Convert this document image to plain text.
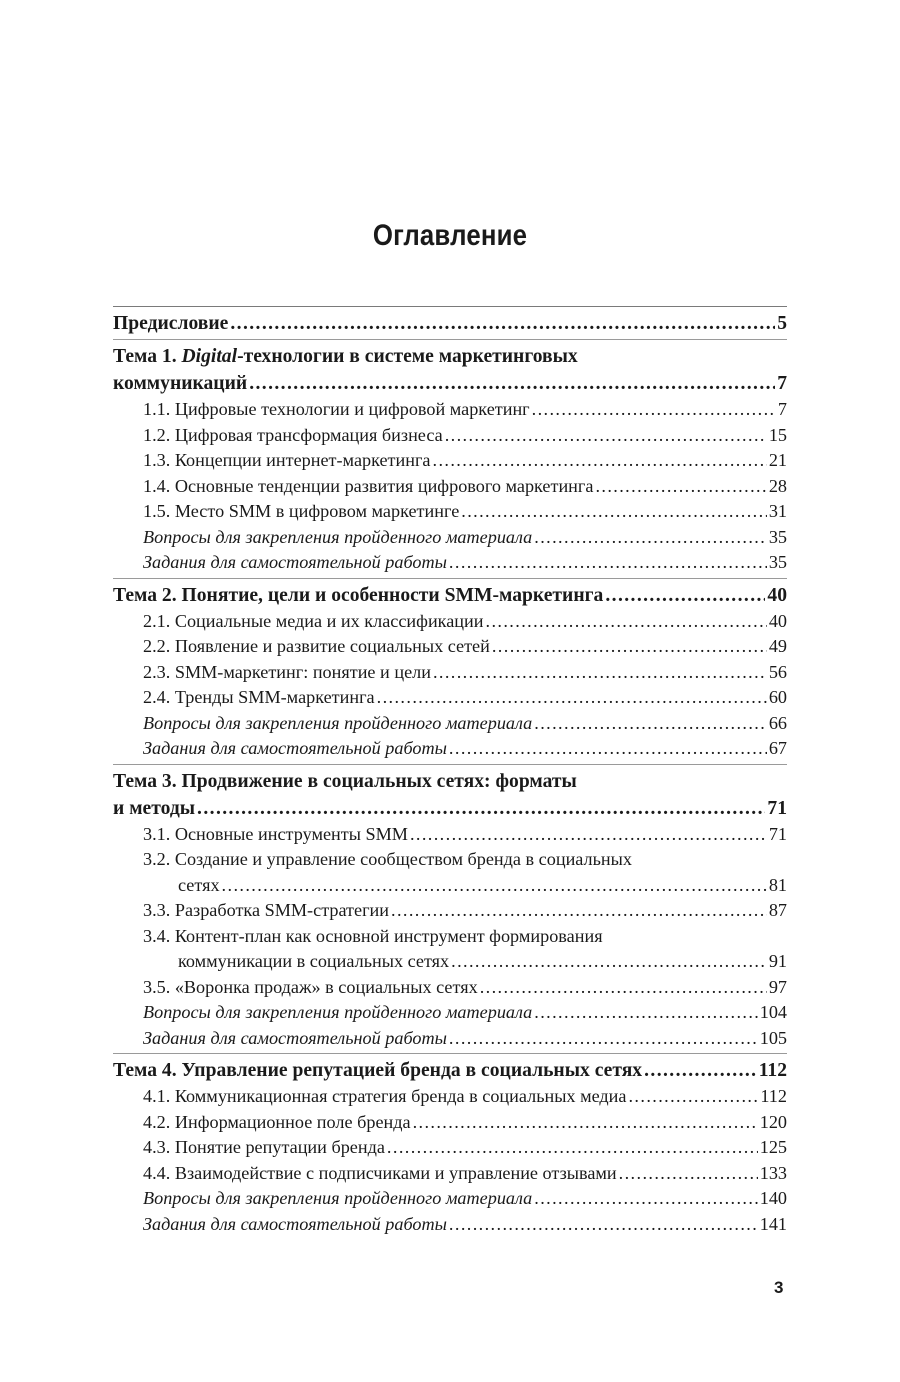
Оглавление
Предисловие .....	5
Тема 1. Digital-технологии в системе маркетинговых
коммуникаций .....	7
1.1. Цифровые технологии и цифровой маркетинг .....	7
1.2. Цифровая трансформация бизнеса .....	15
1.3. Концепции интернет-маркетинга .....	21
1.4. Основные тенденции развития цифрового маркетинга .....	28
1.5. Место SMM в цифровом маркетинге .....	31
Вопросы для закрепления пройденного материала .....	35
Задания для самостоятельной работы .....	35
Тема 2. Понятие, цели и особенности SMM-маркетинга .....	40
2.1. Социальные медиа и их классификации .....	40
2.2. Появление и развитие социальных сетей .....	49
2.3. SMM-маркетинг: понятие и цели .....	56
2.4. Тренды SMM-маркетинга .....	60
Вопросы для закрепления пройденного материала .....	66
Задания для самостоятельной работы .....	67
Тема 3. Продвижение в социальных сетях: форматы
и методы .....	71
3.1. Основные инструменты SMM .....	71
3.2. Создание и управление сообществом бренда в социальных
сетях .....	81
3.3. Разработка SMM-стратегии .....	87
3.4. Контент-план как основной инструмент формирования
коммуникации в социальных сетях .....	91
3.5. «Воронка продаж» в социальных сетях .....	97
Вопросы для закрепления пройденного материала .....	104
Задания для самостоятельной работы .....	105
Тема 4. Управление репутацией бренда в социальных сетях .....	112
4.1. Коммуникационная стратегия бренда в социальных медиа .....	112
4.2. Информационное поле бренда .....	120
4.3. Понятие репутации бренда .....	125
4.4. Взаимодействие с подписчиками и управление отзывами .....	133
Вопросы для закрепления пройденного материала .....	140
Задания для самостоятельной работы .....	141
3
